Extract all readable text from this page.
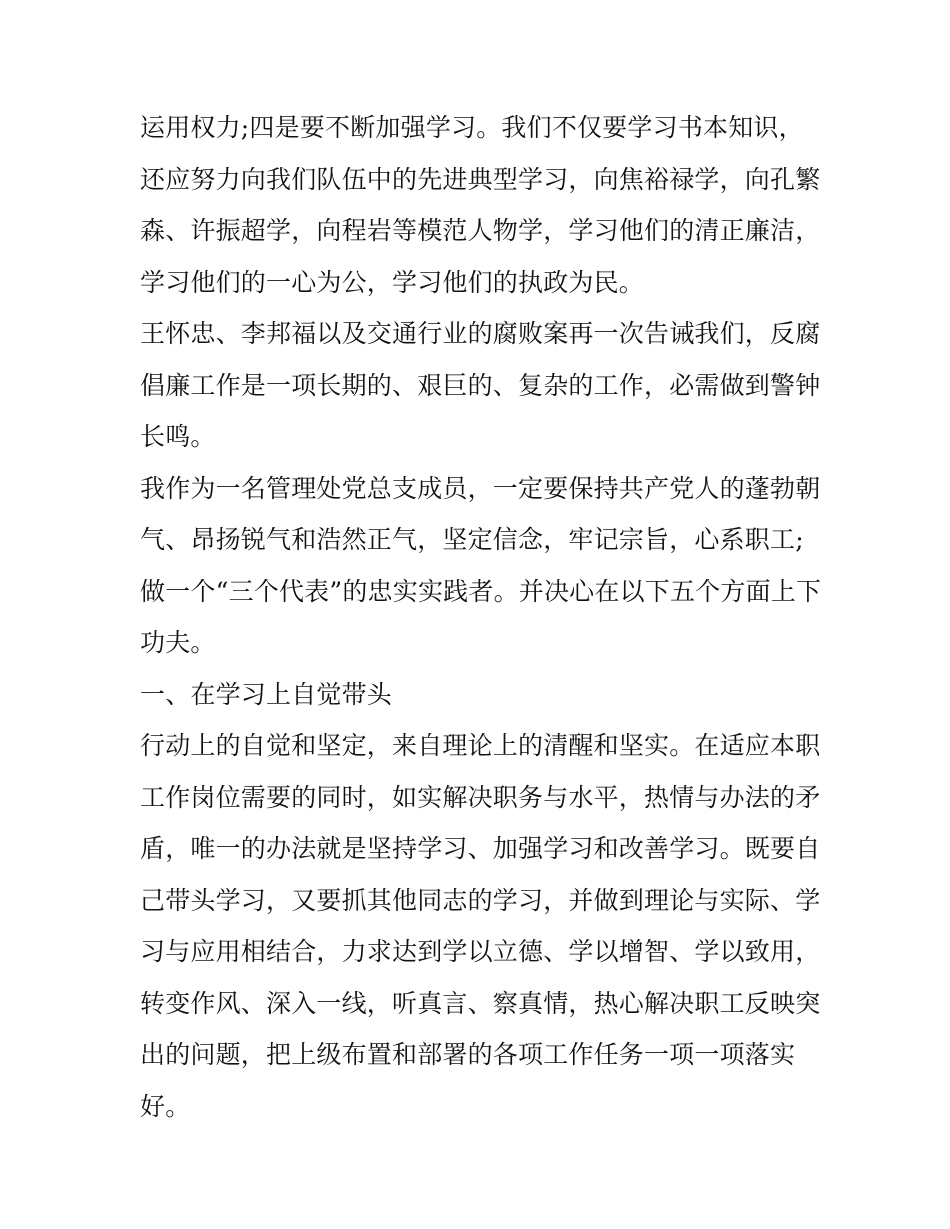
运用权力;四是要不断加强学习。我们不仅要学习书本知识，
还应努力向我们队伍中的先进典型学习，向焦裕禄学，向孔繁
森、许振超学，向程岩等模范人物学，学习他们的清正廉洁，
学习他们的一心为公，学习他们的执政为民。
王怀忠、李邦福以及交通行业的腐败案再一次告诫我们，反腐
倡廉工作是一项长期的、艰巨的、复杂的工作，必需做到警钟
长鸣。
我作为一名管理处党总支成员，一定要保持共产党人的蓬勃朝
气、昂扬锐气和浩然正气，坚定信念，牢记宗旨，心系职工;
做一个“三个代表”的忠实实践者。并决心在以下五个方面上下
功夫。
一、在学习上自觉带头
行动上的自觉和坚定，来自理论上的清醒和坚实。在适应本职
工作岗位需要的同时，如实解决职务与水平，热情与办法的矛
盾，唯一的办法就是坚持学习、加强学习和改善学习。既要自
己带头学习，又要抓其他同志的学习，并做到理论与实际、学
习与应用相结合，力求达到学以立德、学以增智、学以致用，
转变作风、深入一线，听真言、察真情，热心解决职工反映突
出的问题，把上级布置和部署的各项工作任务一项一项落实
好。
